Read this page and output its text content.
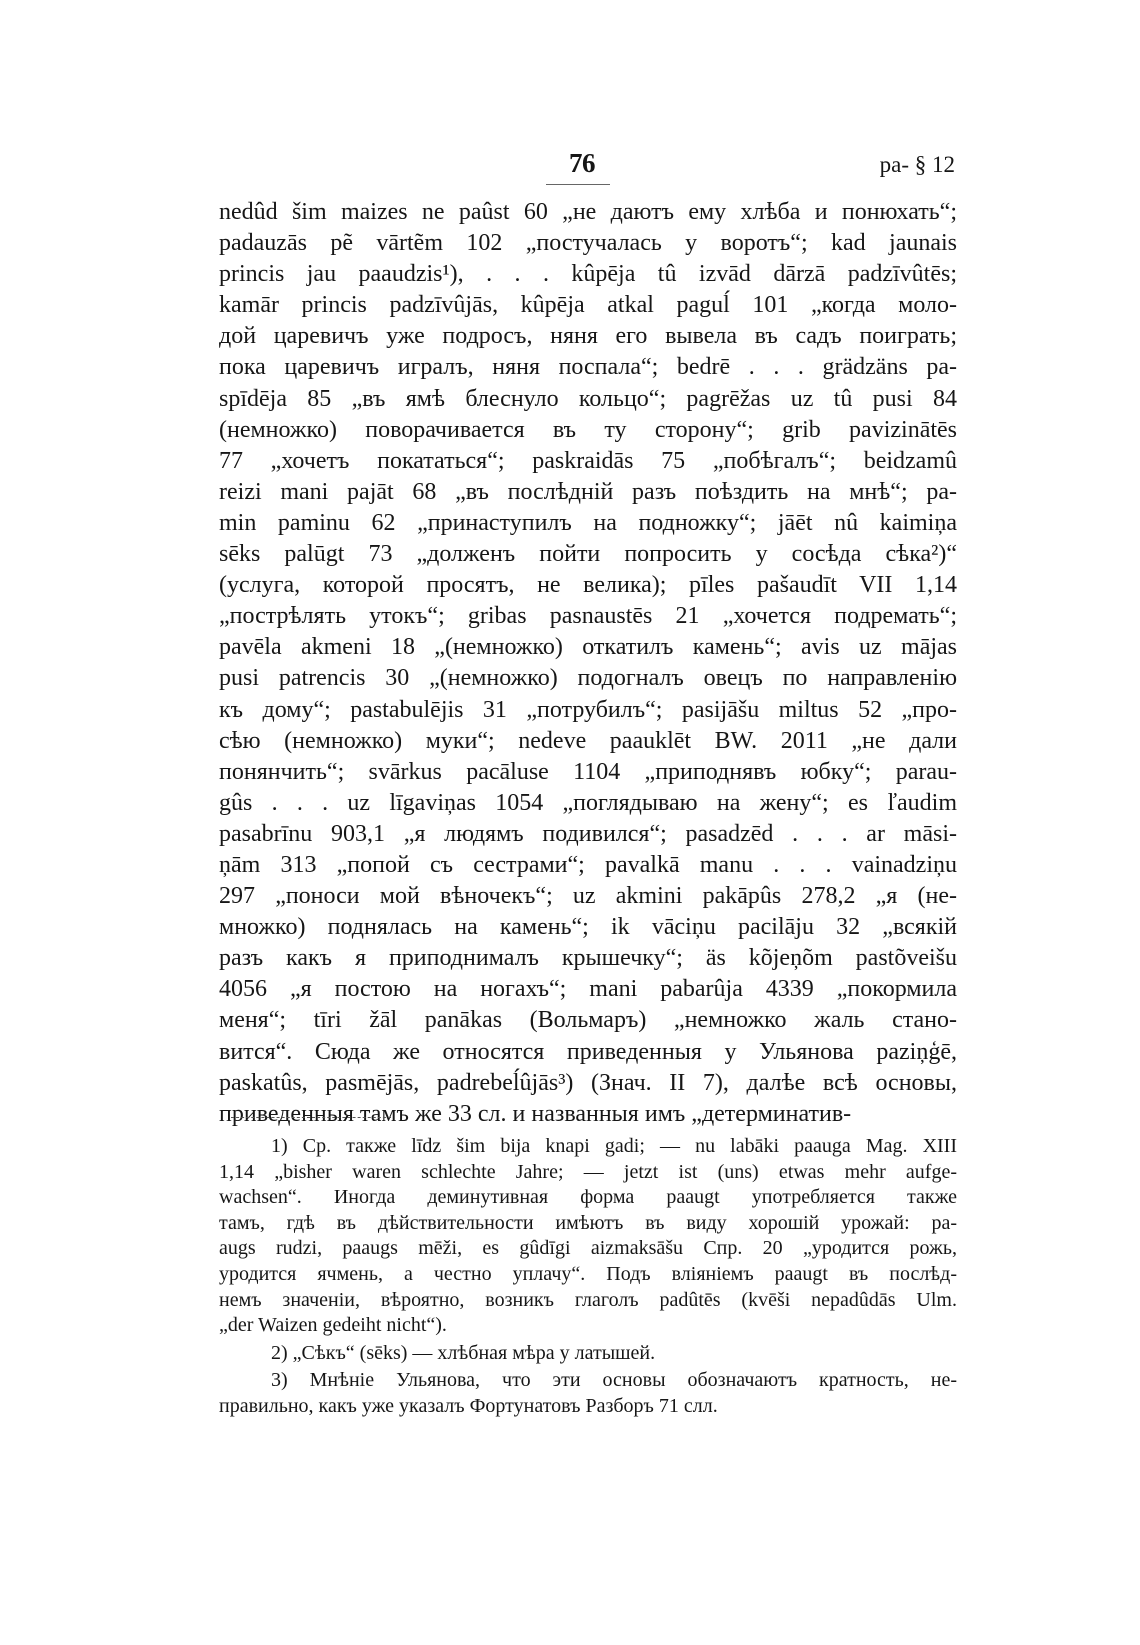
76	pa- § 12
nedûd šim maizes ne paûst 60 „не даютъ ему хлѣба и понюхать“;
padauzās pẽ vārtẽm 102 „постучалась у воротъ“; kad jaunais
princis jau paaudzis¹), . . . kûpēja tû izvād dārzā padzīvûtēs;
kamār princis padzīvûjās, kûpēja atkal paguĺ 101 „когда моло-
дой царевичъ уже подросъ, няня его вывела въ садъ поиграть;
пока царевичъ игралъ, няня поспала“; bedrē . . . grädzäns pa-
spīdēja 85 „въ ямѣ блеснуло кольцо“; pagrēžas uz tû pusi 84
(немножко) поворачивается въ ту сторону“; grib pavizinātēs
77 „хочетъ покататься“; paskraidās 75 „побѣгалъ“; beidzamû
reizi mani pajāt 68 „въ послѣдній разъ поѣздить на мнѣ“; pa-
min paminu 62 „принаступилъ на подножку“; jāēt nû kaimiņa
sēks palūgt 73 „долженъ пойти попросить у сосѣда сѣка²)“
(услуга, которой просятъ, не велика); pīles pašaudīt VII 1,14
„пострѣлять утокъ“; gribas pasnaustēs 21 „хочется подремать“;
pavēla akmeni 18 „(немножко) откатилъ камень“; avis uz mājas
pusi patrencis 30 „(немножко) подогналъ овецъ по направленію
къ дому“; pastabulējis 31 „потрубилъ“; pasijāšu miltus 52 „про-
сѣю (немножко) муки“; nedeve paauklēt BW. 2011 „не дали
понянчить“; svārkus pacāluse 1104 „приподнявъ юбку“; parau-
gûs . . . uz līgaviņas 1054 „поглядываю на жену“; es ľaudim
pasabrīnu 903,1 „я людямъ подивился“; pasadzēd . . . ar māsi-
ņām 313 „попой съ сестрами“; pavalkā manu . . . vainadziņu
297 „поноси мой вѣночекъ“; uz akmini pakāpûs 278,2 „я (не-
множко) поднялась на камень“; ik vāciņu pacilāju 32 „всякій
разъ какъ я приподнималъ крышечку“; äs kõjeņõm pastõveišu
4056 „я постою на ногахъ“; mani pabarûja 4339 „покормила
меня“; tīri žāl panākas (Вольмаръ) „немножко жаль стано-
вится“. Сюда же относятся приведенныя у Ульянова paziņģē,
paskatûs, pasmējās, padrebeĺûjās³) (Знач. II 7), далѣе всѣ основы,
приведенныя тамъ же 33 сл. и названныя имъ „детерминатив-
1) Ср. также līdz šim bija knapi gadi; — nu labāki paauga Mag. XIII
1,14 „bisher waren schlechte Jahre; — jetzt ist (uns) etwas mehr aufge-
wachsen“. Иногда деминутивная форма paaugt употребляется также
тамъ, гдѣ въ дѣйствительности имѣютъ въ виду хорошій урожай: pa-
augs rudzi, paaugs mēži, es gûdīgi aizmaksāšu Спр. 20 „уродится рожь,
уродится ячмень, а честно уплачу“. Подъ вліяніемъ paaugt въ послѣд-
немъ значеніи, вѣроятно, возникъ глаголъ padûtēs (kvēši nepadûdās Ulm.
„der Waizen gedeiht nicht“).
2) „Сѣкъ“ (sēks) — хлѣбная мѣра у латышей.
3) Мнѣніе Ульянова, что эти основы обозначаютъ кратность, не-
правильно, какъ уже указалъ Фортунатовъ Разборъ 71 слл.
